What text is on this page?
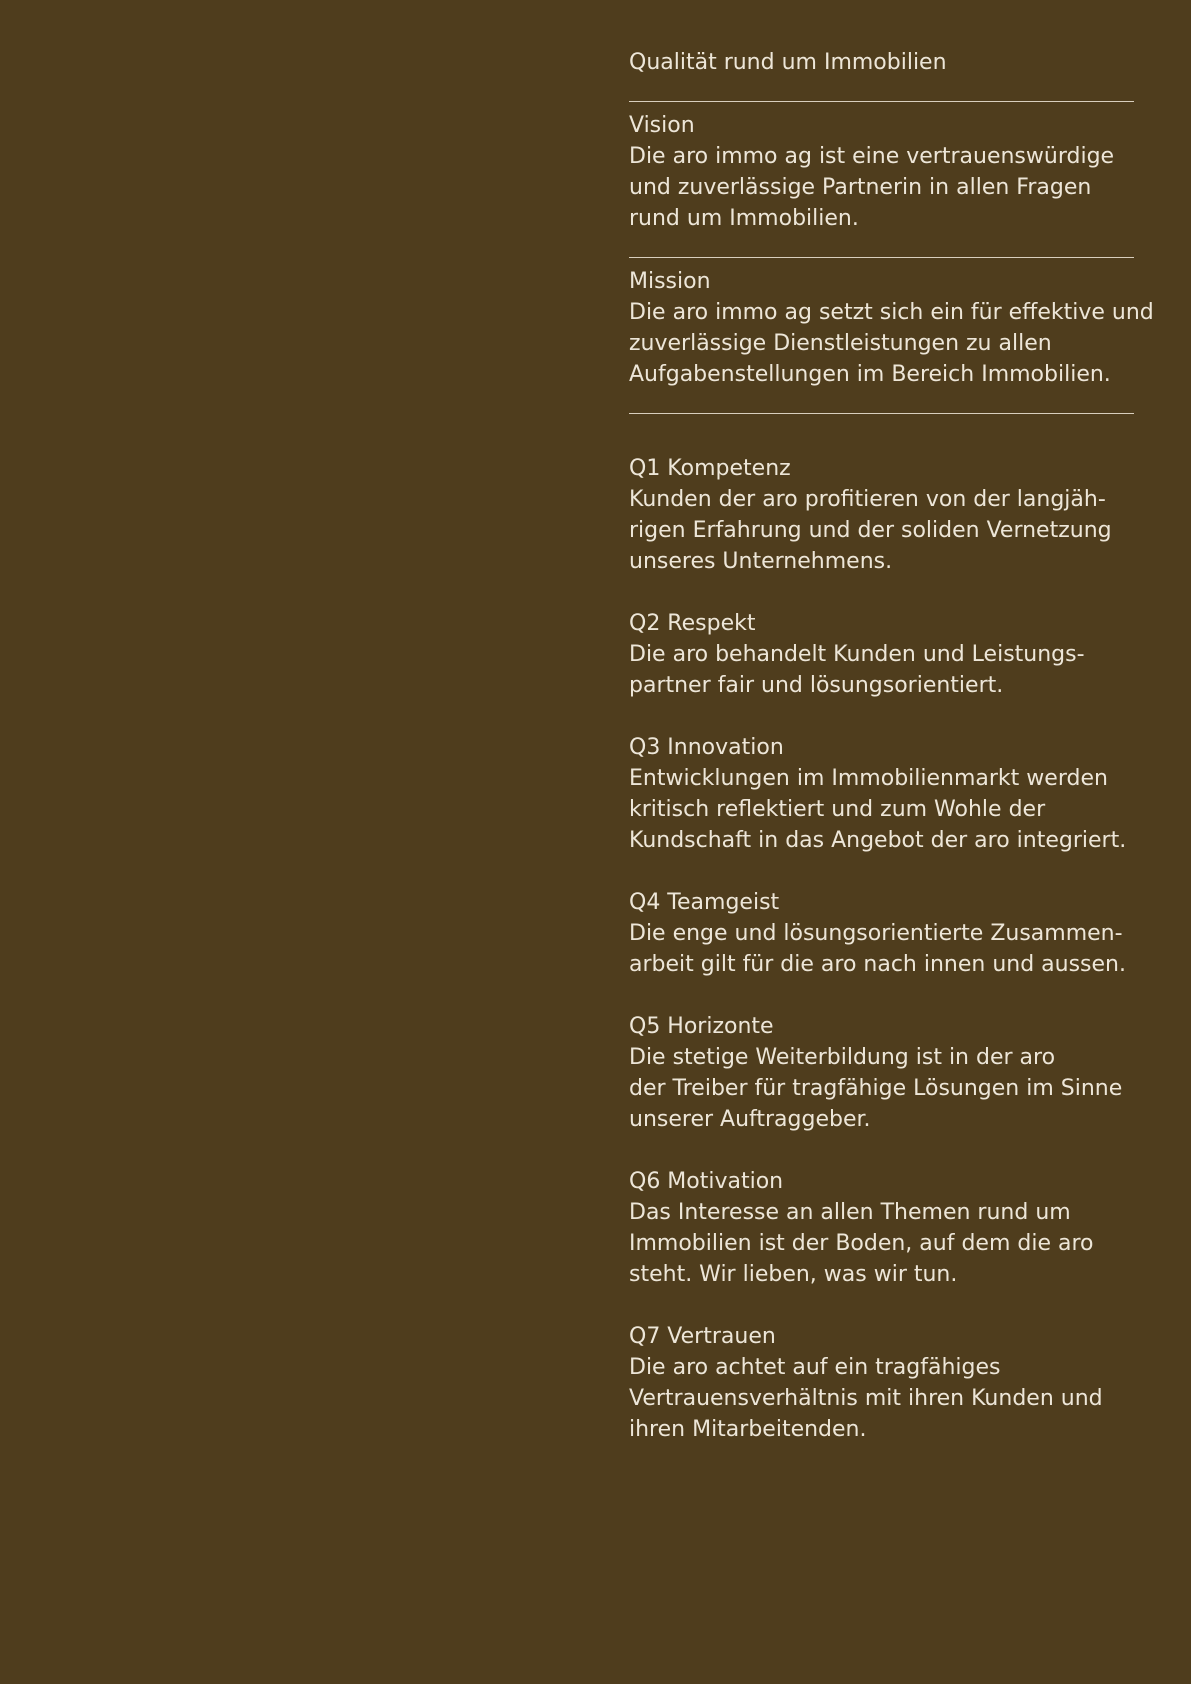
Qualität rund um Immobilien
Vision
Die aro immo ag ist eine vertrauenswürdige
und zuverlässige Partnerin in allen Fragen
rund um Immobilien.
Mission
Die aro immo ag setzt sich ein für effektive und
zuverlässige Dienstleistungen zu allen
Aufgabenstellungen im Bereich Immobilien.
Q1 Kompetenz
Kunden der aro profitieren von der langjäh-
rigen Erfahrung und der soliden Vernetzung
unseres Unternehmens.
Q2 Respekt
Die aro behandelt Kunden und Leistungs-
partner fair und lösungsorientiert.
Q3 Innovation
Entwicklungen im Immobilienmarkt werden
kritisch reflektiert und zum Wohle der
Kundschaft in das Angebot der aro integriert.
Q4 Teamgeist
Die enge und lösungsorientierte Zusammen-
arbeit gilt für die aro nach innen und aussen.
Q5 Horizonte
Die stetige Weiterbildung ist in der aro
der Treiber für tragfähige Lösungen im Sinne
unserer Auftraggeber.
Q6 Motivation
Das Interesse an allen Themen rund um
Immobilien ist der Boden, auf dem die aro
steht. Wir lieben, was wir tun.
Q7 Vertrauen
Die aro achtet auf ein tragfähiges
Vertrauensverhältnis mit ihren Kunden und
ihren Mitarbeitenden.
